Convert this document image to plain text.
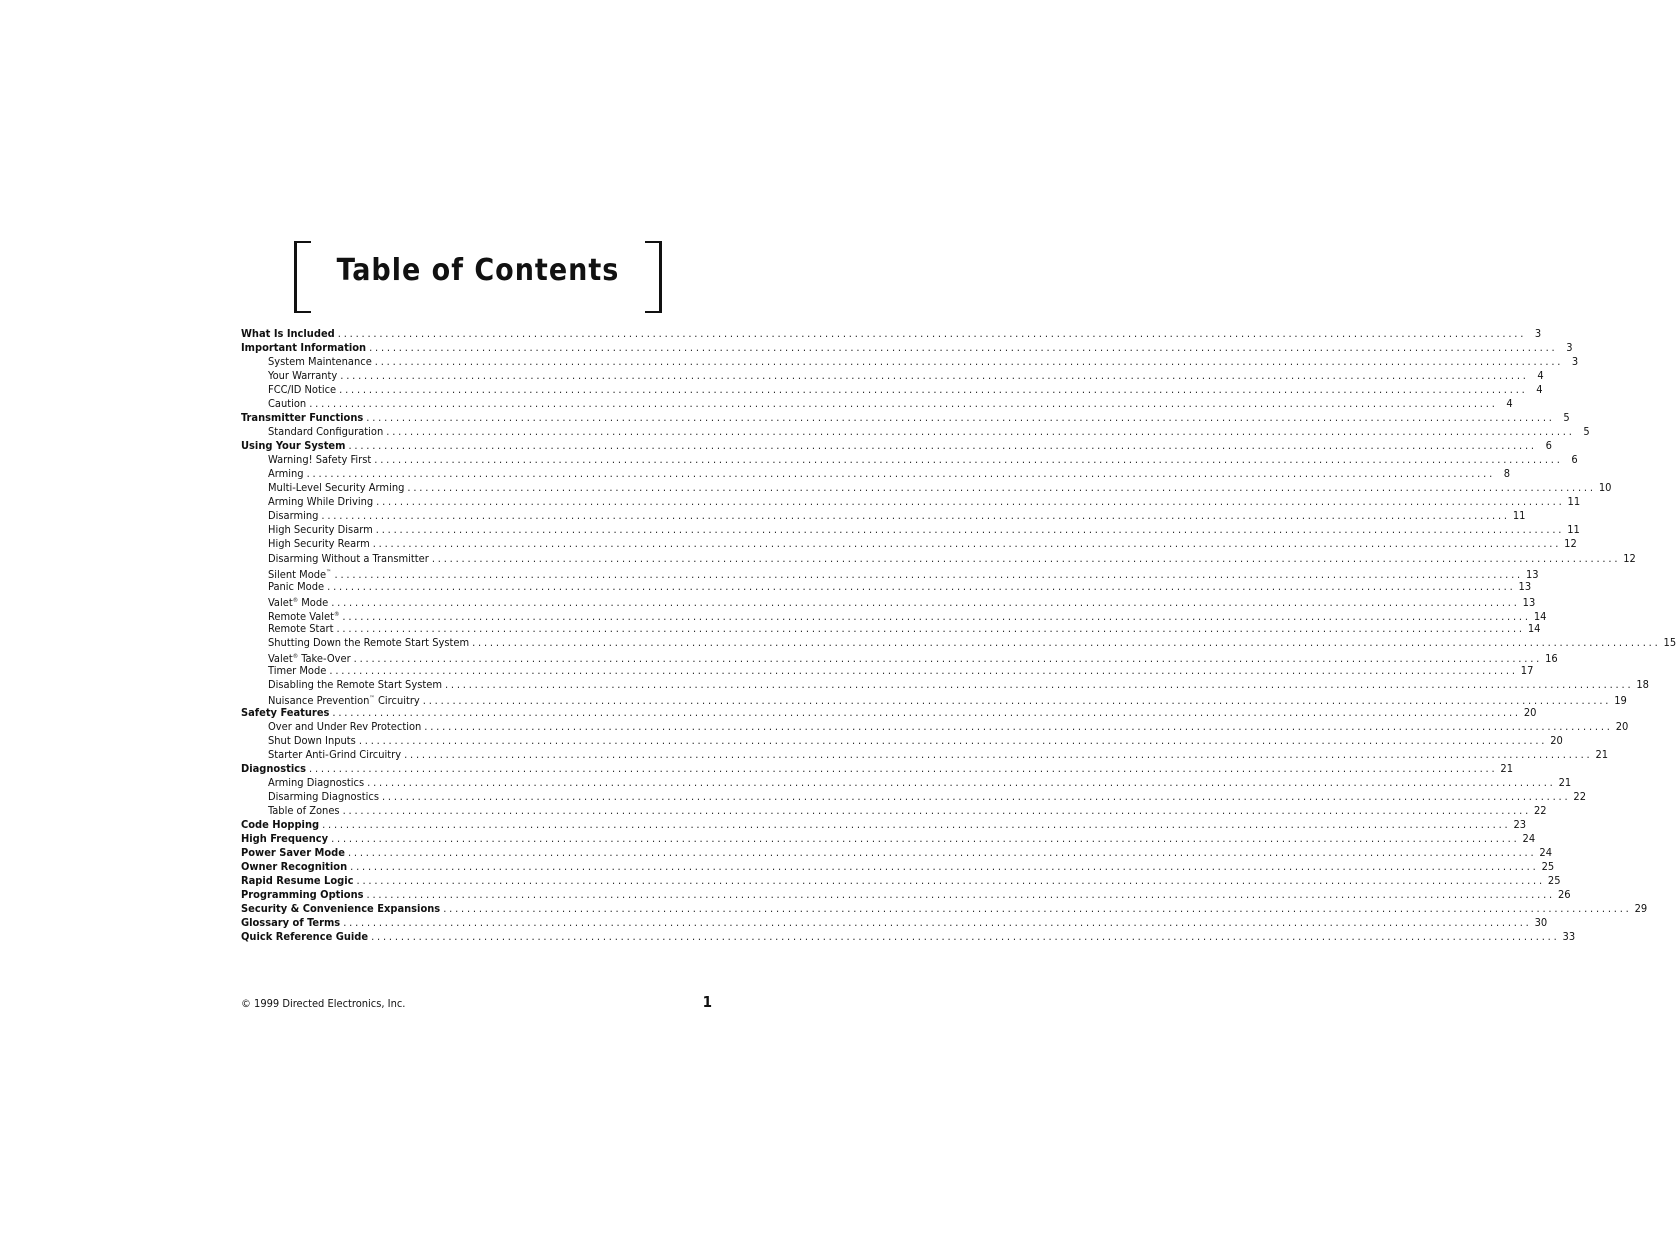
Table of Contents
What Is Included ........................................................................................................................................................................................................ 3
Important Information ........................................................................................................................................................................................................ 3
System Maintenance ........................................................................................................................................................................................................ 3
Your Warranty ........................................................................................................................................................................................................ 4
FCC/ID Notice ........................................................................................................................................................................................................ 4
Caution ........................................................................................................................................................................................................ 4
Transmitter Functions ........................................................................................................................................................................................................ 5
Standard Configuration ........................................................................................................................................................................................................ 5
Using Your System ........................................................................................................................................................................................................ 6
Warning! Safety First ........................................................................................................................................................................................................ 6
Arming ........................................................................................................................................................................................................ 8
Multi-Level Security Arming ........................................................................................................................................................................................................ 10
Arming While Driving ........................................................................................................................................................................................................ 11
Disarming ........................................................................................................................................................................................................ 11
High Security Disarm ........................................................................................................................................................................................................ 11
High Security Rearm ........................................................................................................................................................................................................ 12
Disarming Without a Transmitter ........................................................................................................................................................................................................ 12
Silent Mode™ ........................................................................................................................................................................................................ 13
Panic Mode ........................................................................................................................................................................................................ 13
Valet® Mode ........................................................................................................................................................................................................ 13
Remote Valet® ........................................................................................................................................................................................................ 14
Remote Start ........................................................................................................................................................................................................ 14
Shutting Down the Remote Start System ........................................................................................................................................................................................................ 15
Valet® Take-Over ........................................................................................................................................................................................................ 16
Timer Mode ........................................................................................................................................................................................................ 17
Disabling the Remote Start System ........................................................................................................................................................................................................ 18
Nuisance Prevention™ Circuitry ........................................................................................................................................................................................................ 19
Safety Features ........................................................................................................................................................................................................ 20
Over and Under Rev Protection ........................................................................................................................................................................................................ 20
Shut Down Inputs ........................................................................................................................................................................................................ 20
Starter Anti-Grind Circuitry ........................................................................................................................................................................................................ 21
Diagnostics ........................................................................................................................................................................................................ 21
Arming Diagnostics ........................................................................................................................................................................................................ 21
Disarming Diagnostics ........................................................................................................................................................................................................ 22
Table of Zones ........................................................................................................................................................................................................ 22
Code Hopping ........................................................................................................................................................................................................ 23
High Frequency ........................................................................................................................................................................................................ 24
Power Saver Mode ........................................................................................................................................................................................................ 24
Owner Recognition ........................................................................................................................................................................................................ 25
Rapid Resume Logic ........................................................................................................................................................................................................ 25
Programming Options ........................................................................................................................................................................................................ 26
Security & Convenience Expansions ........................................................................................................................................................................................................ 29
Glossary of Terms ........................................................................................................................................................................................................ 30
Quick Reference Guide ........................................................................................................................................................................................................ 33
© 1999 Directed Electronics, Inc.	1
